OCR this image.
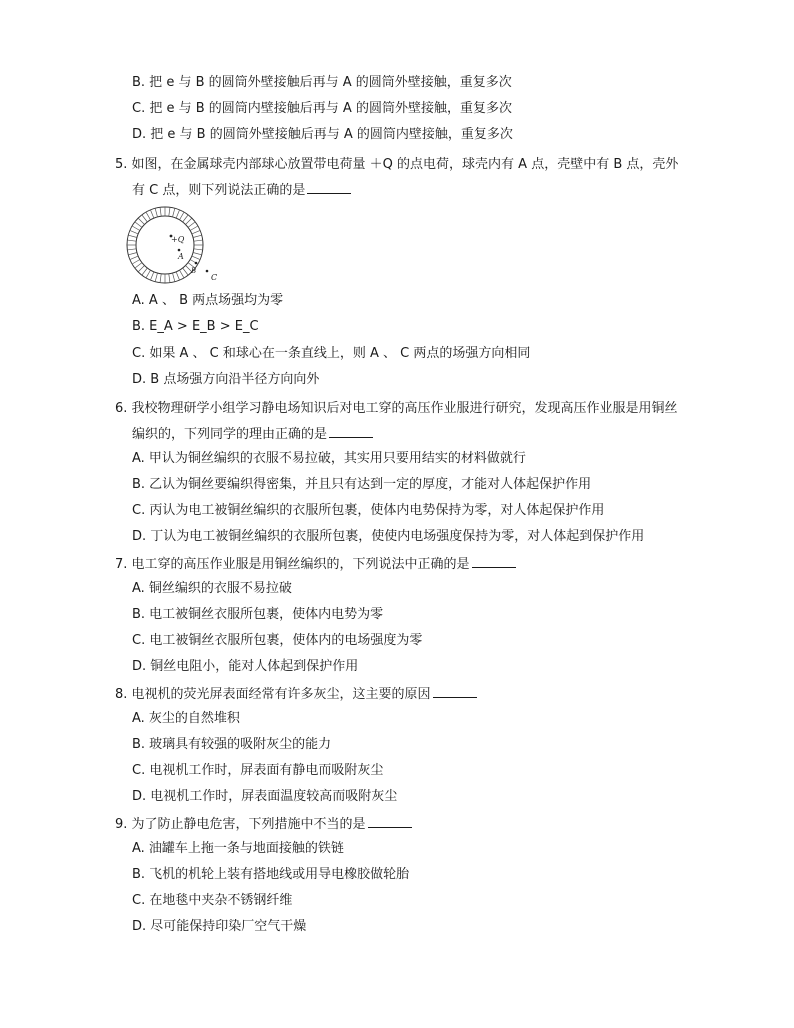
B. 把 e 与 B 的圆筒外壁接触后再与 A 的圆筒外壁接触，重复多次
C. 把 e 与 B 的圆筒内壁接触后再与 A 的圆筒外壁接触，重复多次
D. 把 e 与 B 的圆筒外壁接触后再与 A 的圆筒内壁接触，重复多次
5. 如图，在金属球壳内部球心放置带电荷量 ＋Q 的点电荷，球壳内有 A 点，壳壁中有 B 点，壳外
有 C 点，则下列说法正确的是
+Q
A
B
C
A. A 、 B 两点场强均为零
B. E_A > E_B > E_C
C. 如果 A 、 C 和球心在一条直线上，则 A 、 C 两点的场强方向相同
D. B 点场强方向沿半径方向向外
6. 我校物理研学小组学习静电场知识后对电工穿的高压作业服进行研究，发现高压作业服是用铜丝
编织的，下列同学的理由正确的是
A. 甲认为铜丝编织的衣服不易拉破，其实用只要用结实的材料做就行
B. 乙认为铜丝要编织得密集，并且只有达到一定的厚度，才能对人体起保护作用
C. 丙认为电工被铜丝编织的衣服所包裹，使体内电势保持为零，对人体起保护作用
D. 丁认为电工被铜丝编织的衣服所包裹，使使内电场强度保持为零，对人体起到保护作用
7. 电工穿的高压作业服是用铜丝编织的，下列说法中正确的是
A. 铜丝编织的衣服不易拉破
B. 电工被铜丝衣服所包裹，使体内电势为零
C. 电工被铜丝衣服所包裹，使体内的电场强度为零
D. 铜丝电阻小，能对人体起到保护作用
8. 电视机的荧光屏表面经常有许多灰尘，这主要的原因
A. 灰尘的自然堆积
B. 玻璃具有较强的吸附灰尘的能力
C. 电视机工作时，屏表面有静电而吸附灰尘
D. 电视机工作时，屏表面温度较高而吸附灰尘
9. 为了防止静电危害，下列措施中不当的是
A. 油罐车上拖一条与地面接触的铁链
B. 飞机的机轮上装有搭地线或用导电橡胶做轮胎
C. 在地毯中夹杂不锈钢纤维
D. 尽可能保持印染厂空气干燥
